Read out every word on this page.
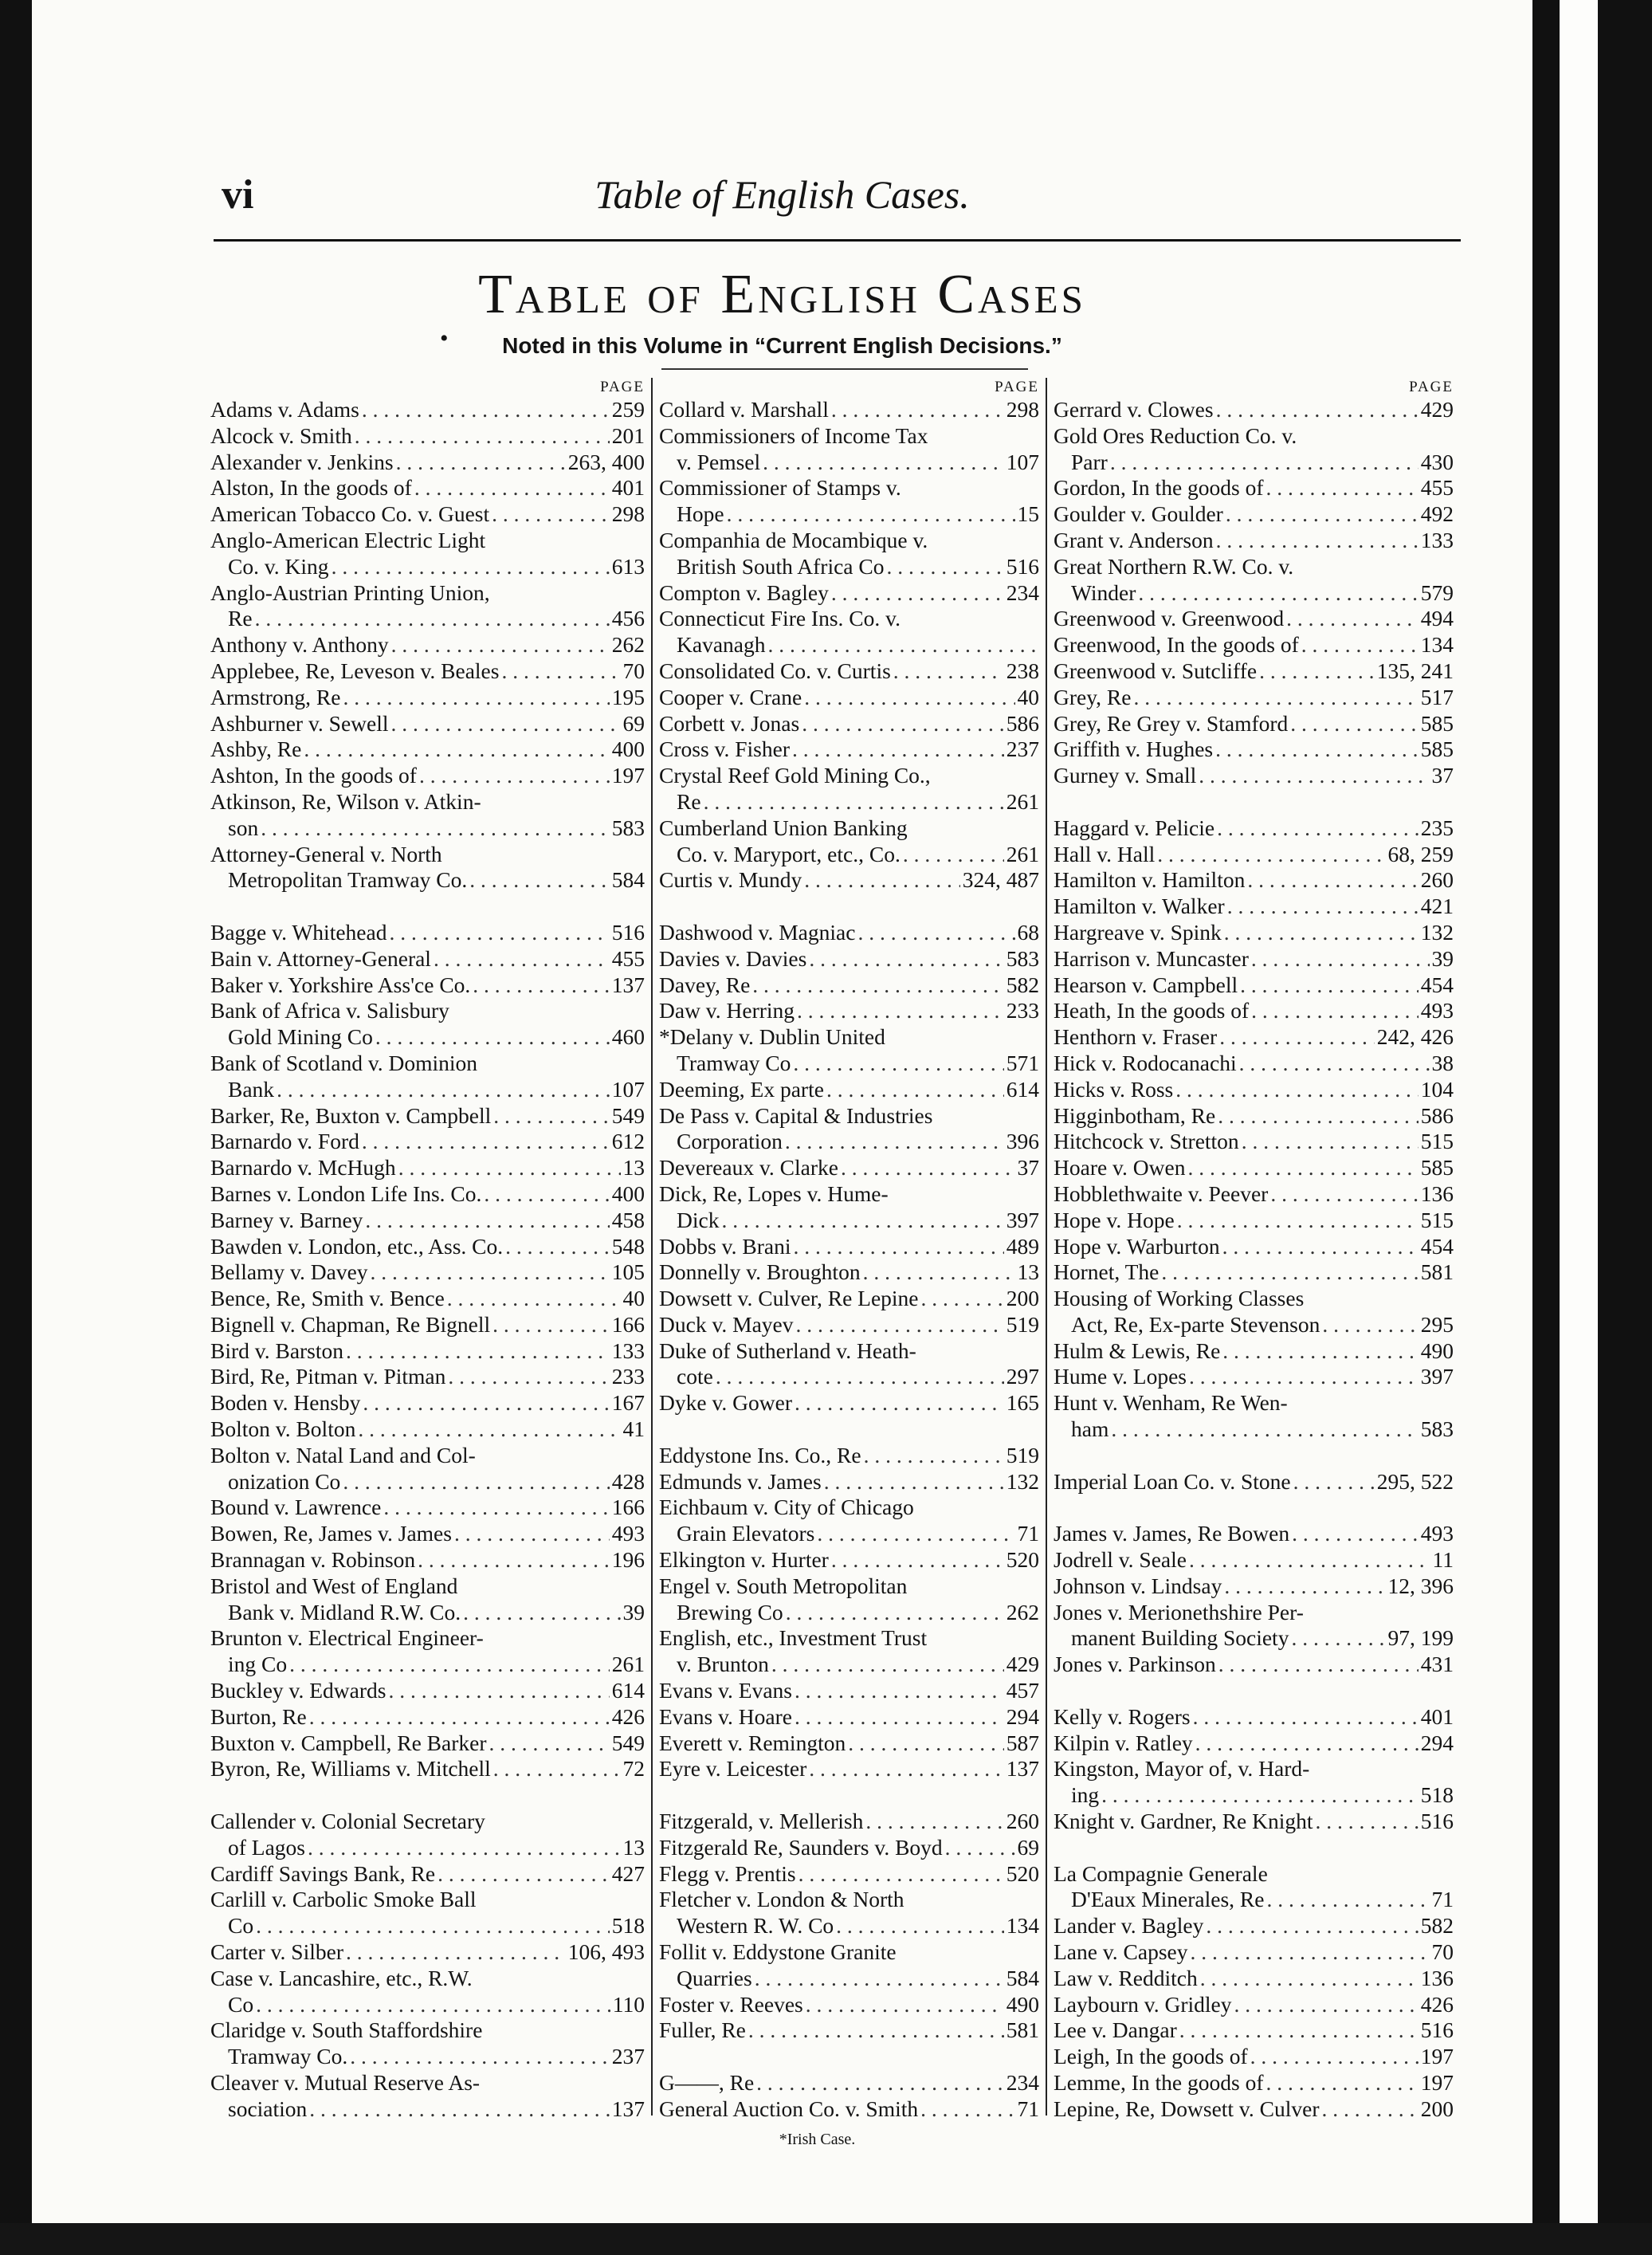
Table of English Cases.
vi
Table of English Cases
•	Noted in this Volume in “Current English Decisions.”
PAGE
Adams v. Adams . . .	259
Alcock v. Smith . . .	201
Alexander v. Jenkins . . .	263, 400
Alston, In the goods of . . .	401
American Tobacco Co. v. Guest . . .	298
Anglo-American Electric Light
Co. v. King . . .	613
Anglo-Austrian Printing Union,
Re . . .	456
Anthony v. Anthony . . .	262
Applebee, Re, Leveson v. Beales . . .	70
Armstrong, Re . . .	195
Ashburner v. Sewell . . .	69
Ashby, Re . . .	400
Ashton, In the goods of . . .	197
Atkinson, Re, Wilson v. Atkin-
son . . .	583
Attorney-General v. North
Metropolitan Tramway Co. . . .	584
Bagge v. Whitehead . . .	516
Bain v. Attorney-General . . .	455
Baker v. Yorkshire Ass'ce Co. . . .	137
Bank of Africa v. Salisbury
Gold Mining Co . . .	460
Bank of Scotland v. Dominion
Bank . . .	107
Barker, Re, Buxton v. Campbell . . .	549
Barnardo v. Ford . . .	612
Barnardo v. McHugh . . .	13
Barnes v. London Life Ins. Co. . . .	400
Barney v. Barney . . .	458
Bawden v. London, etc., Ass. Co. . . .	548
Bellamy v. Davey . . .	105
Bence, Re, Smith v. Bence . . .	40
Bignell v. Chapman, Re Bignell . . .	166
Bird v. Barston . . .	133
Bird, Re, Pitman v. Pitman . . .	233
Boden v. Hensby . . .	167
Bolton v. Bolton . . .	41
Bolton v. Natal Land and Col-
onization Co . . .	428
Bound v. Lawrence . . .	166
Bowen, Re, James v. James . . .	493
Brannagan v. Robinson . . .	196
Bristol and West of England
Bank v. Midland R.W. Co. . . .	39
Brunton v. Electrical Engineer-
ing Co . . .	261
Buckley v. Edwards . . .	614
Burton, Re . . .	426
Buxton v. Campbell, Re Barker . . .	549
Byron, Re, Williams v. Mitchell . . .	72
Callender v. Colonial Secretary
of Lagos . . .	13
Cardiff Savings Bank, Re . . .	427
Carlill v. Carbolic Smoke Ball
Co . . .	518
Carter v. Silber . . .	106, 493
Case v. Lancashire, etc., R.W.
Co . . .	110
Claridge v. South Staffordshire
Tramway Co. . . .	237
Cleaver v. Mutual Reserve As-
sociation . . .	137
PAGE
Collard v. Marshall . . .	298
Commissioners of Income Tax
v. Pemsel . . .	107
Commissioner of Stamps v.
Hope . . .	15
Companhia de Mocambique v.
British South Africa Co . . .	516
Compton v. Bagley . . .	234
Connecticut Fire Ins. Co. v.
Kavanagh
. . .
Consolidated Co. v. Curtis . . .	238
Cooper v. Crane . . .	40
Corbett v. Jonas . . .	586
Cross v. Fisher . . .	237
Crystal Reef Gold Mining Co.,
Re . . .	261
Cumberland Union Banking
Co. v. Maryport, etc., Co. . . .	261
Curtis v. Mundy . . .	324, 487
Dashwood v. Magniac . . .	68
Davies v. Davies . . .	583
Davey, Re . . .	582
Daw v. Herring . . .	233
*Delany v. Dublin United
Tramway Co . . .	571
Deeming, Ex parte . . .	614
De Pass v. Capital & Industries
Corporation . . .	396
Devereaux v. Clarke . . .	37
Dick, Re, Lopes v. Hume-
Dick . . .	397
Dobbs v. Brani . . .	489
Donnelly v. Broughton . . .	13
Dowsett v. Culver, Re Lepine . . .	200
Duck v. Mayev . . .	519
Duke of Sutherland v. Heath-
cote . . .	297
Dyke v. Gower . . .	165
Eddystone Ins. Co., Re . . .	519
Edmunds v. James . . .	132
Eichbaum v. City of Chicago
Grain Elevators . . .	71
Elkington v. Hurter . . .	520
Engel v. South Metropolitan
Brewing Co . . .	262
English, etc., Investment Trust
v. Brunton . . .	429
Evans v. Evans . . .	457
Evans v. Hoare . . .	294
Everett v. Remington . . .	587
Eyre v. Leicester . . .	137
Fitzgerald, v. Mellerish . . .	260
Fitzgerald Re, Saunders v. Boyd . . .	69
Flegg v. Prentis . . .	520
Fletcher v. London & North
Western R. W. Co . . .	134
Follit v. Eddystone Granite
Quarries . . .	584
Foster v. Reeves . . .	490
Fuller, Re . . .	581
G——, Re . . .	234
General Auction Co. v. Smith . . .	71
*Irish Case.
PAGE
Gerrard v. Clowes . . .	429
Gold Ores Reduction Co. v.
Parr . . .	430
Gordon, In the goods of . . .	455
Goulder v. Goulder . . .	492
Grant v. Anderson . . .	133
Great Northern R.W. Co. v.
Winder . . .	579
Greenwood v. Greenwood . . .	494
Greenwood, In the goods of . . .	134
Greenwood v. Sutcliffe . . .	135, 241
Grey, Re . . .	517
Grey, Re Grey v. Stamford . . .	585
Griffith v. Hughes . . .	585
Gurney v. Small . . .	37
Haggard v. Pelicie . . .	235
Hall v. Hall . . .	68, 259
Hamilton v. Hamilton . . .	260
Hamilton v. Walker . . .	421
Hargreave v. Spink . . .	132
Harrison v. Muncaster . . .	39
Hearson v. Campbell . . .	454
Heath, In the goods of . . .	493
Henthorn v. Fraser . . .	242, 426
Hick v. Rodocanachi . . .	38
Hicks v. Ross . . .	104
Higginbotham, Re . . .	586
Hitchcock v. Stretton . . .	515
Hoare v. Owen . . .	585
Hobblethwaite v. Peever . . .	136
Hope v. Hope . . .	515
Hope v. Warburton . . .	454
Hornet, The . . .	581
Housing of Working Classes
Act, Re, Ex-parte Stevenson . . .	295
Hulm & Lewis, Re . . .	490
Hume v. Lopes . . .	397
Hunt v. Wenham, Re Wen-
ham . . .	583
Imperial Loan Co. v. Stone . . .	295, 522
James v. James, Re Bowen . . .	493
Jodrell v. Seale . . .	11
Johnson v. Lindsay . . .	12, 396
Jones v. Merionethshire Per-
manent Building Society . . .	97, 199
Jones v. Parkinson . . .	431
Kelly v. Rogers . . .	401
Kilpin v. Ratley . . .	294
Kingston, Mayor of, v. Hard-
ing . . .	518
Knight v. Gardner, Re Knight . . .	516
La Compagnie Generale
D'Eaux Minerales, Re . . .	71
Lander v. Bagley . . .	582
Lane v. Capsey . . .	70
Law v. Redditch . . .	136
Laybourn v. Gridley . . .	426
Lee v. Dangar . . .	516
Leigh, In the goods of . . .	197
Lemme, In the goods of . . .	197
Lepine, Re, Dowsett v. Culver . . .	200
